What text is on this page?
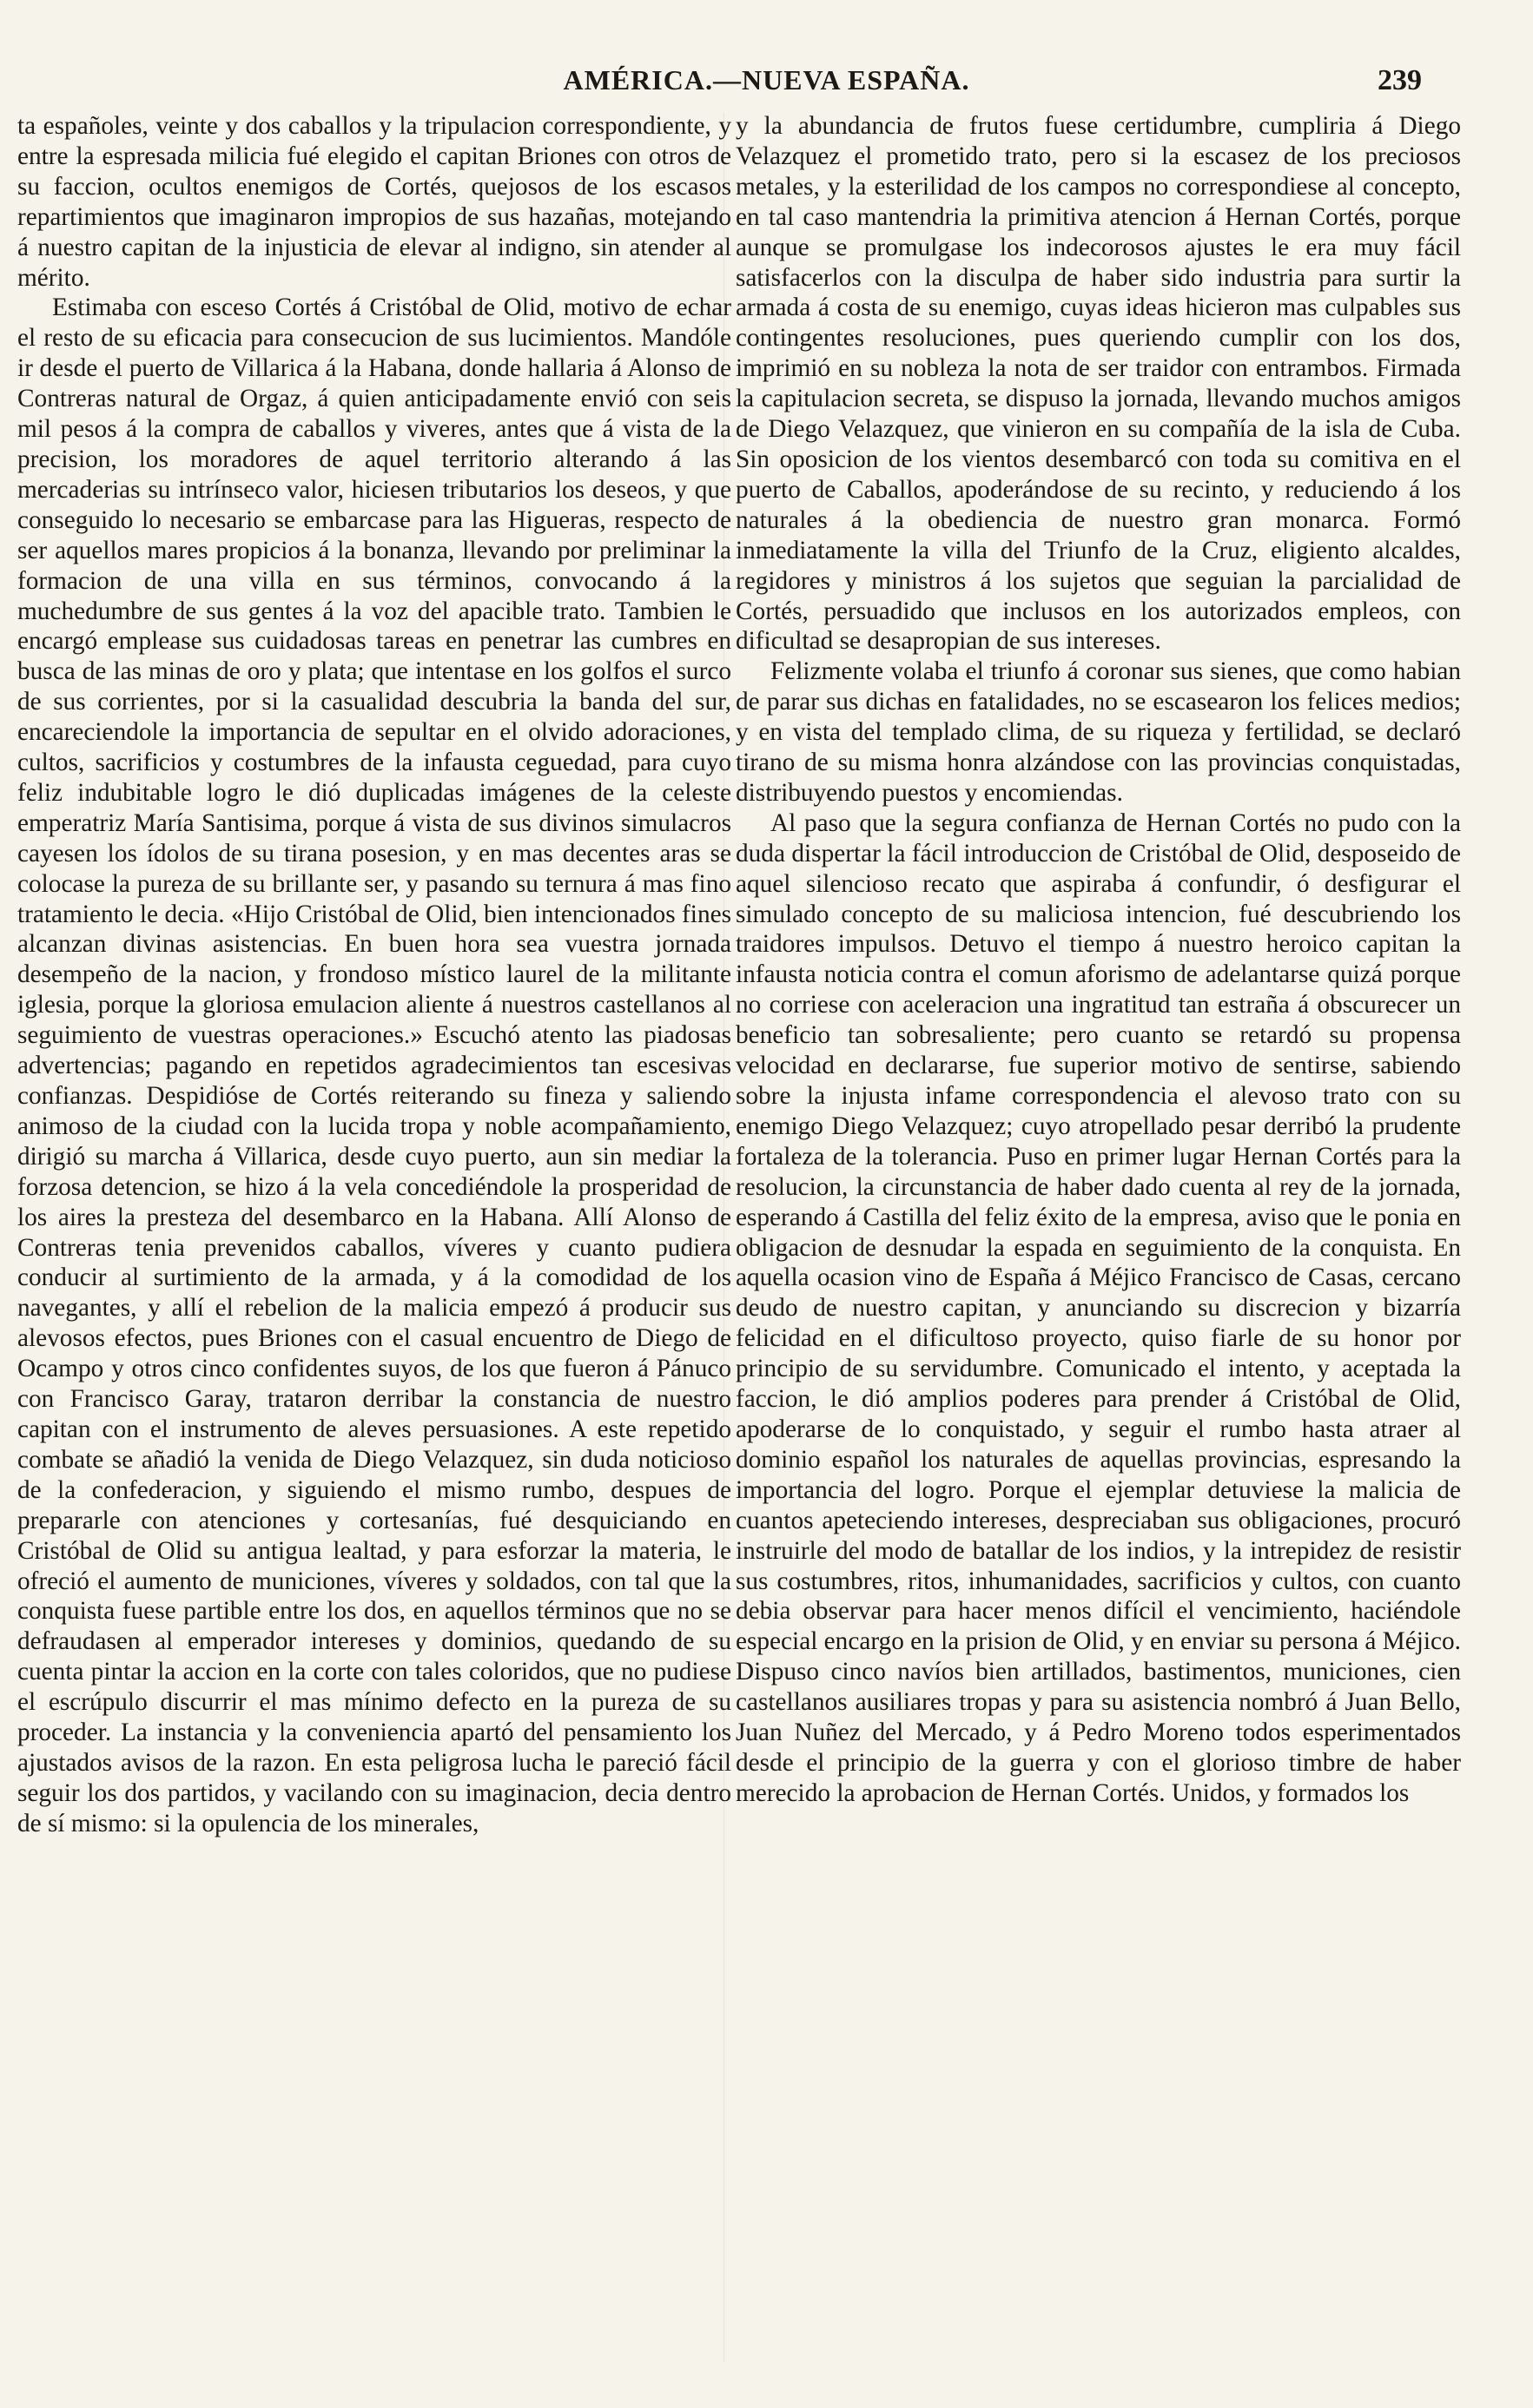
AMÉRICA.—NUEVA ESPAÑA.	239

ta españoles, veinte y dos caballos y la tripulacion correspondiente, y entre la espresada milicia fué elegido el capitan Briones con otros de su faccion, ocultos enemigos de Cortés, quejosos de los escasos repartimientos que imaginaron impropios de sus hazañas, motejando á nuestro capitan de la injusticia de elevar al indigno, sin atender al mérito.

Estimaba con esceso Cortés á Cristóbal de Olid, motivo de echar el resto de su eficacia para consecucion de sus lucimientos. Mandóle ir desde el puerto de Villarica á la Habana, donde hallaria á Alonso de Contreras natural de Orgaz, á quien anticipadamente envió con seis mil pesos á la compra de caballos y viveres, antes que á vista de la precision, los moradores de aquel territorio alterando á las mercaderias su intrínseco valor, hiciesen tributarios los deseos, y que conseguido lo necesario se embarcase para las Higueras, respecto de ser aquellos mares propicios á la bonanza, llevando por preliminar la formacion de una villa en sus términos, convocando á la muchedumbre de sus gentes á la voz del apacible trato. Tambien le encargó emplease sus cuidadosas tareas en penetrar las cumbres en busca de las minas de oro y plata; que intentase en los golfos el surco de sus corrientes, por si la casualidad descubria la banda del sur, encareciendole la importancia de sepultar en el olvido adoraciones, cultos, sacrificios y costumbres de la infausta ceguedad, para cuyo feliz indubitable logro le dió duplicadas imágenes de la celeste emperatriz María Santisima, porque á vista de sus divinos simulacros cayesen los ídolos de su tirana posesion, y en mas decentes aras se colocase la pureza de su brillante ser, y pasando su ternura á mas fino tratamiento le decia. «Hijo Cristóbal de Olid, bien intencionados fines alcanzan divinas asistencias. En buen hora sea vuestra jornada desempeño de la nacion, y frondoso místico laurel de la militante iglesia, porque la gloriosa emulacion aliente á nuestros castellanos al seguimiento de vuestras operaciones.» Escuchó atento las piadosas advertencias; pagando en repetidos agradecimientos tan escesivas confianzas. Despidióse de Cortés reiterando su fineza y saliendo animoso de la ciudad con la lucida tropa y noble acompañamiento, dirigió su marcha á Villarica, desde cuyo puerto, aun sin mediar la forzosa detencion, se hizo á la vela concediéndole la prosperidad de los aires la presteza del desembarco en la Habana. Allí Alonso de Contreras tenia prevenidos caballos, víveres y cuanto pudiera conducir al surtimiento de la armada, y á la comodidad de los navegantes, y allí el rebelion de la malicia empezó á producir sus alevosos efectos, pues Briones con el casual encuentro de Diego de Ocampo y otros cinco confidentes suyos, de los que fueron á Pánuco con Francisco Garay, trataron derribar la constancia de nuestro capitan con el instrumento de aleves persuasiones. A este repetido combate se añadió la venida de Diego Velazquez, sin duda noticioso de la confederacion, y siguiendo el mismo rumbo, despues de prepararle con atenciones y cortesanías, fué desquiciando en Cristóbal de Olid su antigua lealtad, y para esforzar la materia, le ofreció el aumento de municiones, víveres y soldados, con tal que la conquista fuese partible entre los dos, en aquellos términos que no se defraudasen al emperador intereses y dominios, quedando de su cuenta pintar la accion en la corte con tales coloridos, que no pudiese el escrúpulo discurrir el mas mínimo defecto en la pureza de su proceder. La instancia y la conveniencia apartó del pensamiento los ajustados avisos de la razon. En esta peligrosa lucha le pareció fácil seguir los dos partidos, y vacilando con su imaginacion, decia dentro de sí mismo: si la opulencia de los minerales,

y la abundancia de frutos fuese certidumbre, cumpliria á Diego Velazquez el prometido trato, pero si la escasez de los preciosos metales, y la esterilidad de los campos no correspondiese al concepto, en tal caso mantendria la primitiva atencion á Hernan Cortés, porque aunque se promulgase los indecorosos ajustes le era muy fácil satisfacerlos con la disculpa de haber sido industria para surtir la armada á costa de su enemigo, cuyas ideas hicieron mas culpables sus contingentes resoluciones, pues queriendo cumplir con los dos, imprimió en su nobleza la nota de ser traidor con entrambos. Firmada la capitulacion secreta, se dispuso la jornada, llevando muchos amigos de Diego Velazquez, que vinieron en su compañía de la isla de Cuba. Sin oposicion de los vientos desembarcó con toda su comitiva en el puerto de Caballos, apoderándose de su recinto, y reduciendo á los naturales á la obediencia de nuestro gran monarca. Formó inmediatamente la villa del Triunfo de la Cruz, eligiento alcaldes, regidores y ministros á los sujetos que seguian la parcialidad de Cortés, persuadido que inclusos en los autorizados empleos, con dificultad se desapropian de sus intereses.

Felizmente volaba el triunfo á coronar sus sienes, que como habian de parar sus dichas en fatalidades, no se escasearon los felices medios; y en vista del templado clima, de su riqueza y fertilidad, se declaró tirano de su misma honra alzándose con las provincias conquistadas, distribuyendo puestos y encomiendas.

Al paso que la segura confianza de Hernan Cortés no pudo con la duda dispertar la fácil introduccion de Cristóbal de Olid, desposeido de aquel silencioso recato que aspiraba á confundir, ó desfigurar el simulado concepto de su maliciosa intencion, fué descubriendo los traidores impulsos. Detuvo el tiempo á nuestro heroico capitan la infausta noticia contra el comun aforismo de adelantarse quizá porque no corriese con aceleracion una ingratitud tan estraña á obscurecer un beneficio tan sobresaliente; pero cuanto se retardó su propensa velocidad en declararse, fue superior motivo de sentirse, sabiendo sobre la injusta infame correspondencia el alevoso trato con su enemigo Diego Velazquez; cuyo atropellado pesar derribó la prudente fortaleza de la tolerancia. Puso en primer lugar Hernan Cortés para la resolucion, la circunstancia de haber dado cuenta al rey de la jornada, esperando á Castilla del feliz éxito de la empresa, aviso que le ponia en obligacion de desnudar la espada en seguimiento de la conquista. En aquella ocasion vino de España á Méjico Francisco de Casas, cercano deudo de nuestro capitan, y anunciando su discrecion y bizarría felicidad en el dificultoso proyecto, quiso fiarle de su honor por principio de su servidumbre. Comunicado el intento, y aceptada la faccion, le dió amplios poderes para prender á Cristóbal de Olid, apoderarse de lo conquistado, y seguir el rumbo hasta atraer al dominio español los naturales de aquellas provincias, espresando la importancia del logro. Porque el ejemplar detuviese la malicia de cuantos apeteciendo intereses, despreciaban sus obligaciones, procuró instruirle del modo de batallar de los indios, y la intrepidez de resistir sus costumbres, ritos, inhumanidades, sacrificios y cultos, con cuanto debia observar para hacer menos difícil el vencimiento, haciéndole especial encargo en la prision de Olid, y en enviar su persona á Méjico. Dispuso cinco navíos bien artillados, bastimentos, municiones, cien castellanos ausiliares tropas y para su asistencia nombró á Juan Bello, Juan Nuñez del Mercado, y á Pedro Moreno todos esperimentados desde el principio de la guerra y con el glorioso timbre de haber merecido la aprobacion de Hernan Cortés. Unidos, y formados los
